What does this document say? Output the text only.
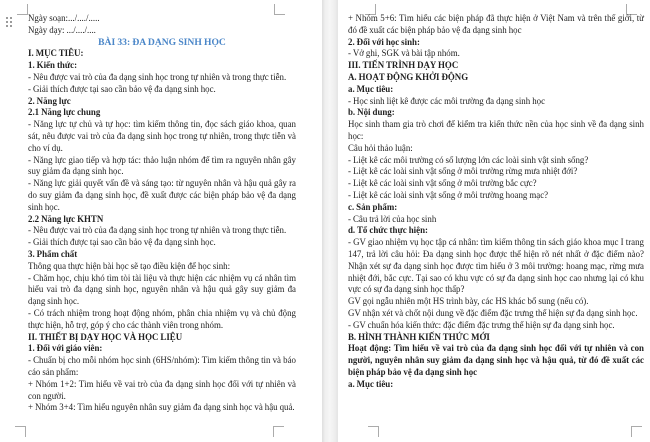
Ngày soạn:.../..../.....

Ngày dạy: .../..../....

BÀI 33: ĐA DẠNG SINH HỌC

I. MỤC TIÊU:

1. Kiến thức:

- Nêu được vai trò của đa dạng sinh học trong tự nhiên và trong thực tiễn.

- Giải thích được tại sao cần bảo vệ đa dạng sinh học.

2. Năng lực

2.1 Năng lực chung

- Năng lực tự chủ và tự học: tìm kiếm thông tin, đọc sách giáo khoa, quan sát, nêu được vai trò của đa dạng sinh học trong tự nhiên, trong thực tiễn và cho ví dụ.

- Năng lực giao tiếp và hợp tác: thảo luận nhóm để tìm ra nguyên nhân gây suy giảm đa dạng sinh học.

- Năng lực giải quyết vấn đề và sáng tạo: từ nguyên nhân và hậu quả gây ra do suy giảm đa dạng sinh học, đề xuất được các biện pháp bảo vệ đa dạng sinh học.

2.2 Năng lực KHTN

- Nêu được vai trò của đa dạng sinh học trong tự nhiên và trong thực tiễn.

- Giải thích được tại sao cần bảo vệ đa dạng sinh học.

3. Phẩm chất

Thông qua thực hiện bài học sẽ tạo điều kiện để học sinh:

- Chăm học, chịu khó tìm tòi tài liệu và thực hiện các nhiệm vụ cá nhân tìm hiểu vai trò đa dạng sinh học, nguyên nhân và hậu quả gây suy giảm đa dạng sinh học.

- Có trách nhiệm trong hoạt động nhóm, phân chia nhiệm vụ và chủ động thực hiện, hỗ trợ, góp ý cho các thành viên trong nhóm.

II. THIẾT BỊ DẠY HỌC VÀ HỌC LIỆU

1. Đối với giáo viên:

- Chuẩn bị cho mỗi nhóm học sinh (6HS/nhóm): Tìm kiếm thông tin và báo cáo sản phẩm:

+ Nhóm 1+2: Tìm hiểu về vai trò của đa dạng sinh học đối với tự nhiên và con người.

+ Nhóm 3+4: Tìm hiểu nguyên nhân suy giảm đa dạng sinh học và hậu quả.

+ Nhóm 5+6: Tìm hiểu các biện pháp đã thực hiện ở Việt Nam và trên thế giới, từ đó đề xuất các biện pháp bảo vệ đa dạng sinh học

2. Đối với học sinh:

- Vở ghi, SGK và bài tập nhóm.

III. TIẾN TRÌNH DẠY HỌC

A. HOẠT ĐỘNG KHỞI ĐỘNG

a. Mục tiêu:

- Học sinh liệt kê được các môi trường đa dạng sinh học

b. Nội dung:

Học sinh tham gia trò chơi để kiểm tra kiến thức nền của học sinh về đa dạng sinh học:

Câu hỏi thảo luận:

- Liệt kê các môi trường có số lượng lớn các loài sinh vật sinh sống?

- Liệt kê các loài sinh vật sống ở môi trường rừng mưa nhiệt đới?

- Liệt kê các loài sinh vật sống ở môi trường bắc cực?

- Liệt kê các loài sinh vật sống ở môi trường hoang mạc?

c. Sản phẩm:

- Câu trả lời của học sinh

d. Tổ chức thực hiện:

- GV giao nhiệm vụ học tập cá nhân: tìm kiếm thông tin sách giáo khoa mục I trang 147, trả lời câu hỏi: Đa dạng sinh học được thể hiện rõ nét nhất ở đặc điểm nào? Nhận xét sự đa dạng sinh học được tìm hiểu ở 3 môi trường: hoang mạc, rừng mưa nhiệt đới, bắc cực. Tại sao có khu vực có sự đa dạng sinh học cao nhưng lại có khu vực có sự đa dạng sinh học thấp?

GV gọi ngẫu nhiên một HS trình bày, các HS khác bổ sung (nếu có).

GV nhận xét và chốt nội dung về đặc điểm đặc trưng thể hiện sự đa dạng sinh học.

- GV chuẩn hóa kiến thức: đặc điểm đặc trưng thể hiện sự đa dạng sinh học.

B. HÌNH THÀNH KIẾN THỨC MỚI

Hoạt động: Tìm hiểu về vai trò của đa dạng sinh học đối với tự nhiên và con người, nguyên nhân suy giảm đa dạng sinh học và hậu quả, từ đó đề xuất các biện pháp bảo vệ đa dạng sinh học

a. Mục tiêu:
